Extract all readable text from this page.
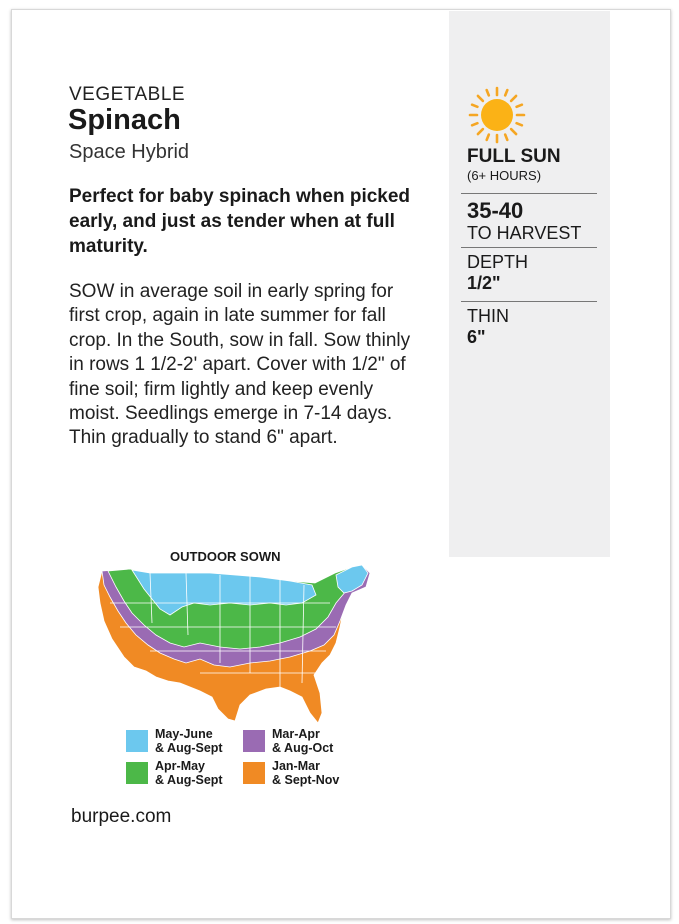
VEGETABLE
Spinach
Space Hybrid
Perfect for baby spinach when picked early, and just as tender when at full maturity.
SOW in average soil in early spring for first crop, again in late summer for fall crop. In the South, sow in fall. Sow thinly in rows 1 1/2-2' apart. Cover with 1/2" of fine soil; firm lightly and keep evenly moist. Seedlings emerge in 7-14 days. Thin gradually to stand 6" apart.
FULL SUN
(6+ HOURS)
35-40
TO HARVEST
DEPTH
1/2"
THIN
6"
OUTDOOR SOWN
May-June
& Aug-Sept
Mar-Apr
& Aug-Oct
Apr-May
& Aug-Sept
Jan-Mar
& Sept-Nov
burpee.com
